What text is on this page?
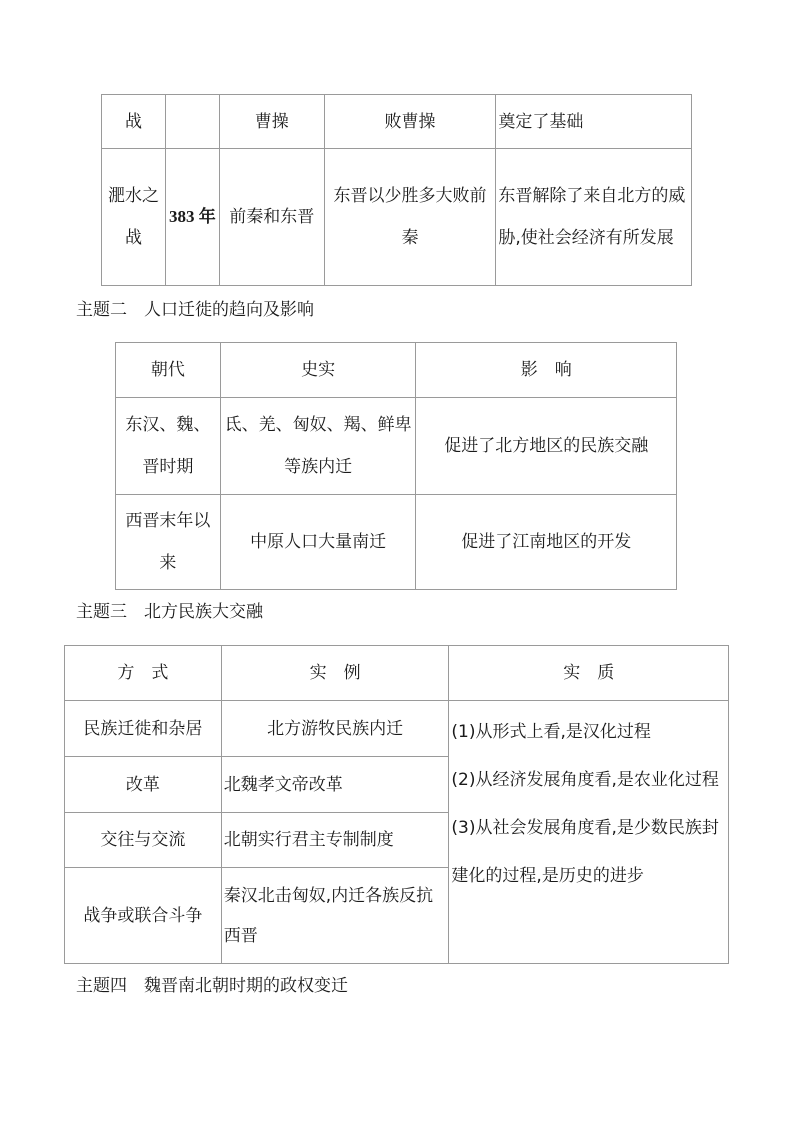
战		曹操	败曹操	奠定了基础
淝水之战	383 年	前秦和东晋	东晋以少胜多大败前秦	东晋解除了来自北方的威胁,使社会经济有所发展
主题二　人口迁徙的趋向及影响
朝代	史实	影　响
东汉、魏、晋时期	氐、羌、匈奴、羯、鲜卑等族内迁	促进了北方地区的民族交融
西晋末年以来	中原人口大量南迁	促进了江南地区的开发
主题三　北方民族大交融
方　式	实　例	实　质
民族迁徙和杂居	北方游牧民族内迁	(1)从形式上看,是汉化过程
(2)从经济发展角度看,是农业化过程
(3)从社会发展角度看,是少数民族封建化的过程,是历史的进步

改革	北魏孝文帝改革	
交往与交流	北朝实行君主专制制度	
战争或联合斗争	秦汉北击匈奴,内迁各族反抗西晋	
主题四　魏晋南北朝时期的政权变迁
